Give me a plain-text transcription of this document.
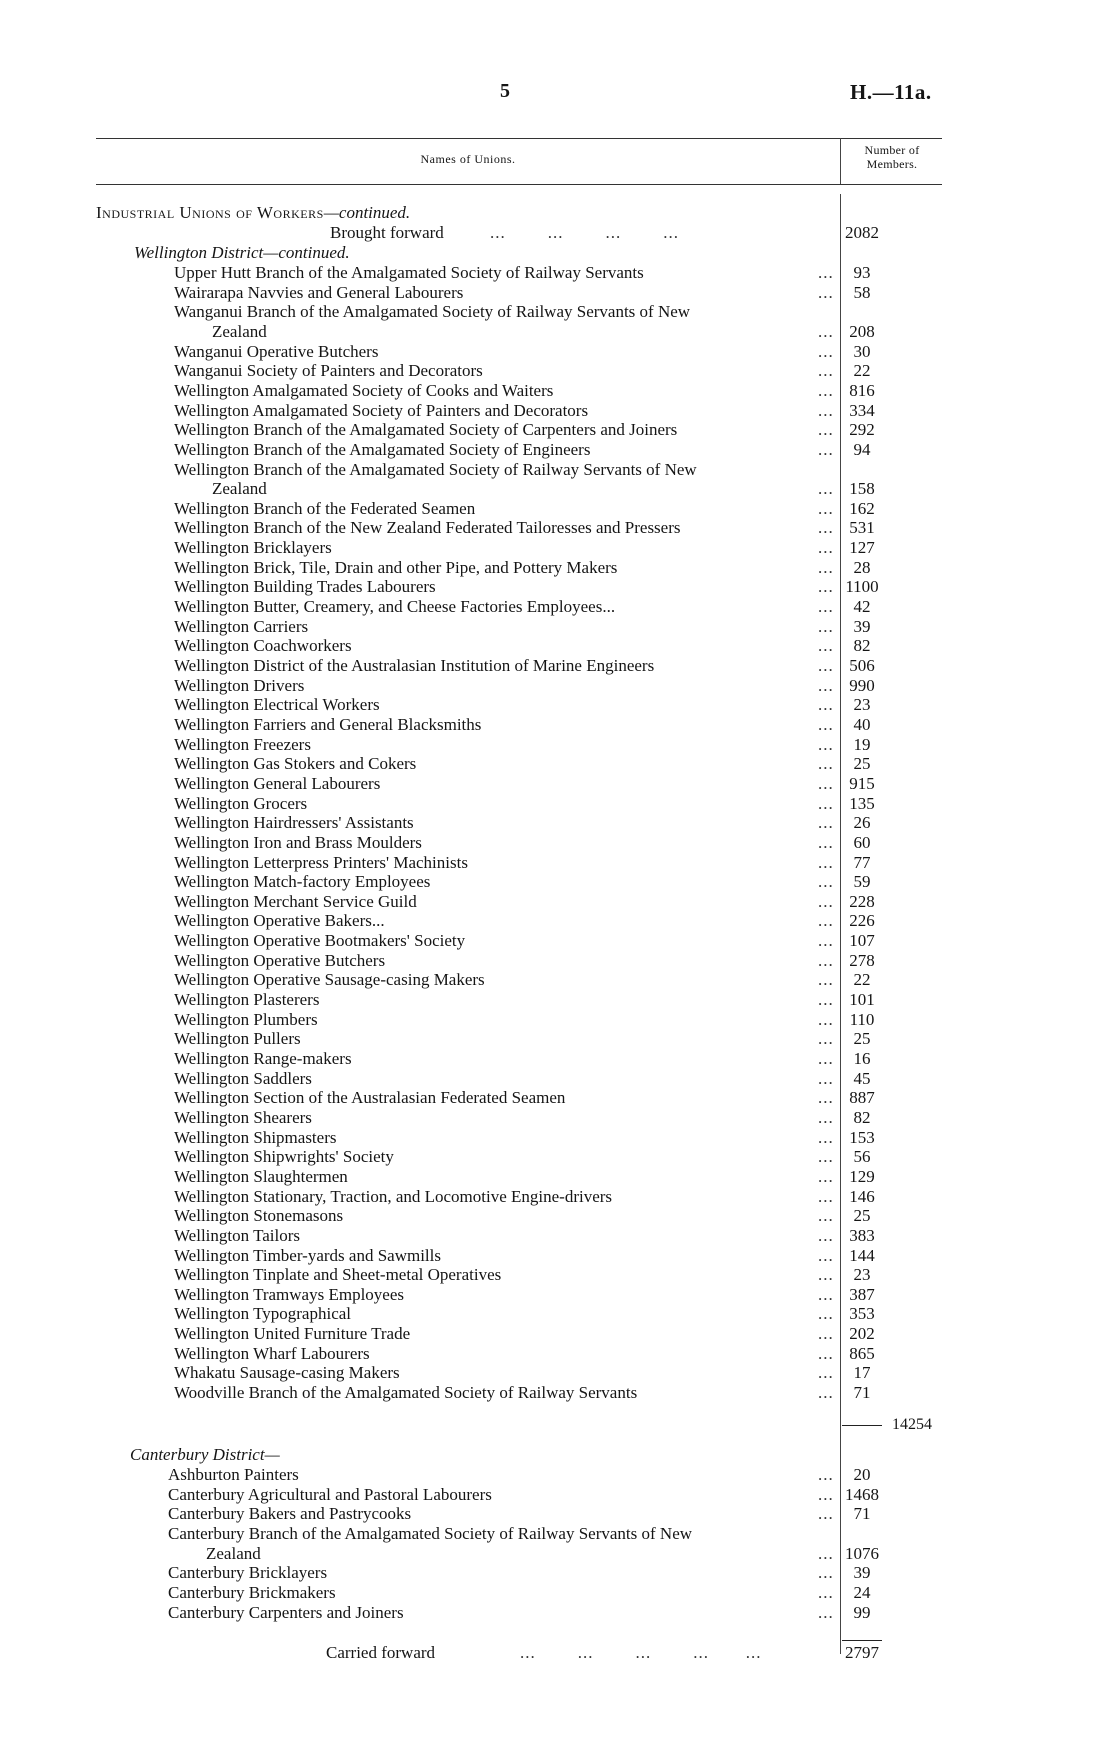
5	H.—11a.
Names of Unions.
Number of
Members.
Industrial Unions of Workers—continued.
Brought forward	...        ...        ...        ...	2082
Wellington District—continued.
Upper Hutt Branch of the Amalgamated Society of Railway Servants	...	93
Wairarapa Navvies and General Labourers	...	58
Wanganui Branch of the Amalgamated Society of Railway Servants of New
Zealand	... 208
Wanganui Operative Butchers	...	30
Wanganui Society of Painters and Decorators	...	22
Wellington Amalgamated Society of Cooks and Waiters	... 816
Wellington Amalgamated Society of Painters and Decorators	... 334
Wellington Branch of the Amalgamated Society of Carpenters and Joiners	... 292
Wellington Branch of the Amalgamated Society of Engineers	...	94
Wellington Branch of the Amalgamated Society of Railway Servants of New
Zealand	... 158
Wellington Branch of the Federated Seamen	... 162
Wellington Branch of the New Zealand Federated Tailoresses and Pressers	... 531
Wellington Bricklayers	... 127
Wellington Brick, Tile, Drain and other Pipe, and Pottery Makers	...	28
Wellington Building Trades Labourers	... 1100
Wellington Butter, Creamery, and Cheese Factories Employees...	...	42
Wellington Carriers	...	39
Wellington Coachworkers	...	82
Wellington District of the Australasian Institution of Marine Engineers	... 506
Wellington Drivers	... 990
Wellington Electrical Workers	...	23
Wellington Farriers and General Blacksmiths	...	40
Wellington Freezers	...	19
Wellington Gas Stokers and Cokers	...	25
Wellington General Labourers	... 915
Wellington Grocers	... 135
Wellington Hairdressers' Assistants	...	26
Wellington Iron and Brass Moulders	...	60
Wellington Letterpress Printers' Machinists	...	77
Wellington Match-factory Employees	...	59
Wellington Merchant Service Guild	... 228
Wellington Operative Bakers...	... 226
Wellington Operative Bootmakers' Society	... 107
Wellington Operative Butchers	... 278
Wellington Operative Sausage-casing Makers	...	22
Wellington Plasterers	... 101
Wellington Plumbers	... 110
Wellington Pullers	...	25
Wellington Range-makers	...	16
Wellington Saddlers	...	45
Wellington Section of the Australasian Federated Seamen	... 887
Wellington Shearers	...	82
Wellington Shipmasters	... 153
Wellington Shipwrights' Society	...	56
Wellington Slaughtermen	... 129
Wellington Stationary, Traction, and Locomotive Engine-drivers	... 146
Wellington Stonemasons	...	25
Wellington Tailors	... 383
Wellington Timber-yards and Sawmills	... 144
Wellington Tinplate and Sheet-metal Operatives	...	23
Wellington Tramways Employees	... 387
Wellington Typographical	... 353
Wellington United Furniture Trade	... 202
Wellington Wharf Labourers	... 865
Whakatu Sausage-casing Makers	...	17
Woodville Branch of the Amalgamated Society of Railway Servants	...	71
14254
Canterbury District—
Ashburton Painters	...	20
Canterbury Agricultural and Pastoral Labourers	... 1468
Canterbury Bakers and Pastrycooks	...	71
Canterbury Branch of the Amalgamated Society of Railway Servants of New
Zealand	... 1076
Canterbury Bricklayers	...	39
Canterbury Brickmakers	...	24
Canterbury Carpenters and Joiners	...	99
Carried forward	...        ...        ...        ...       ...	2797
